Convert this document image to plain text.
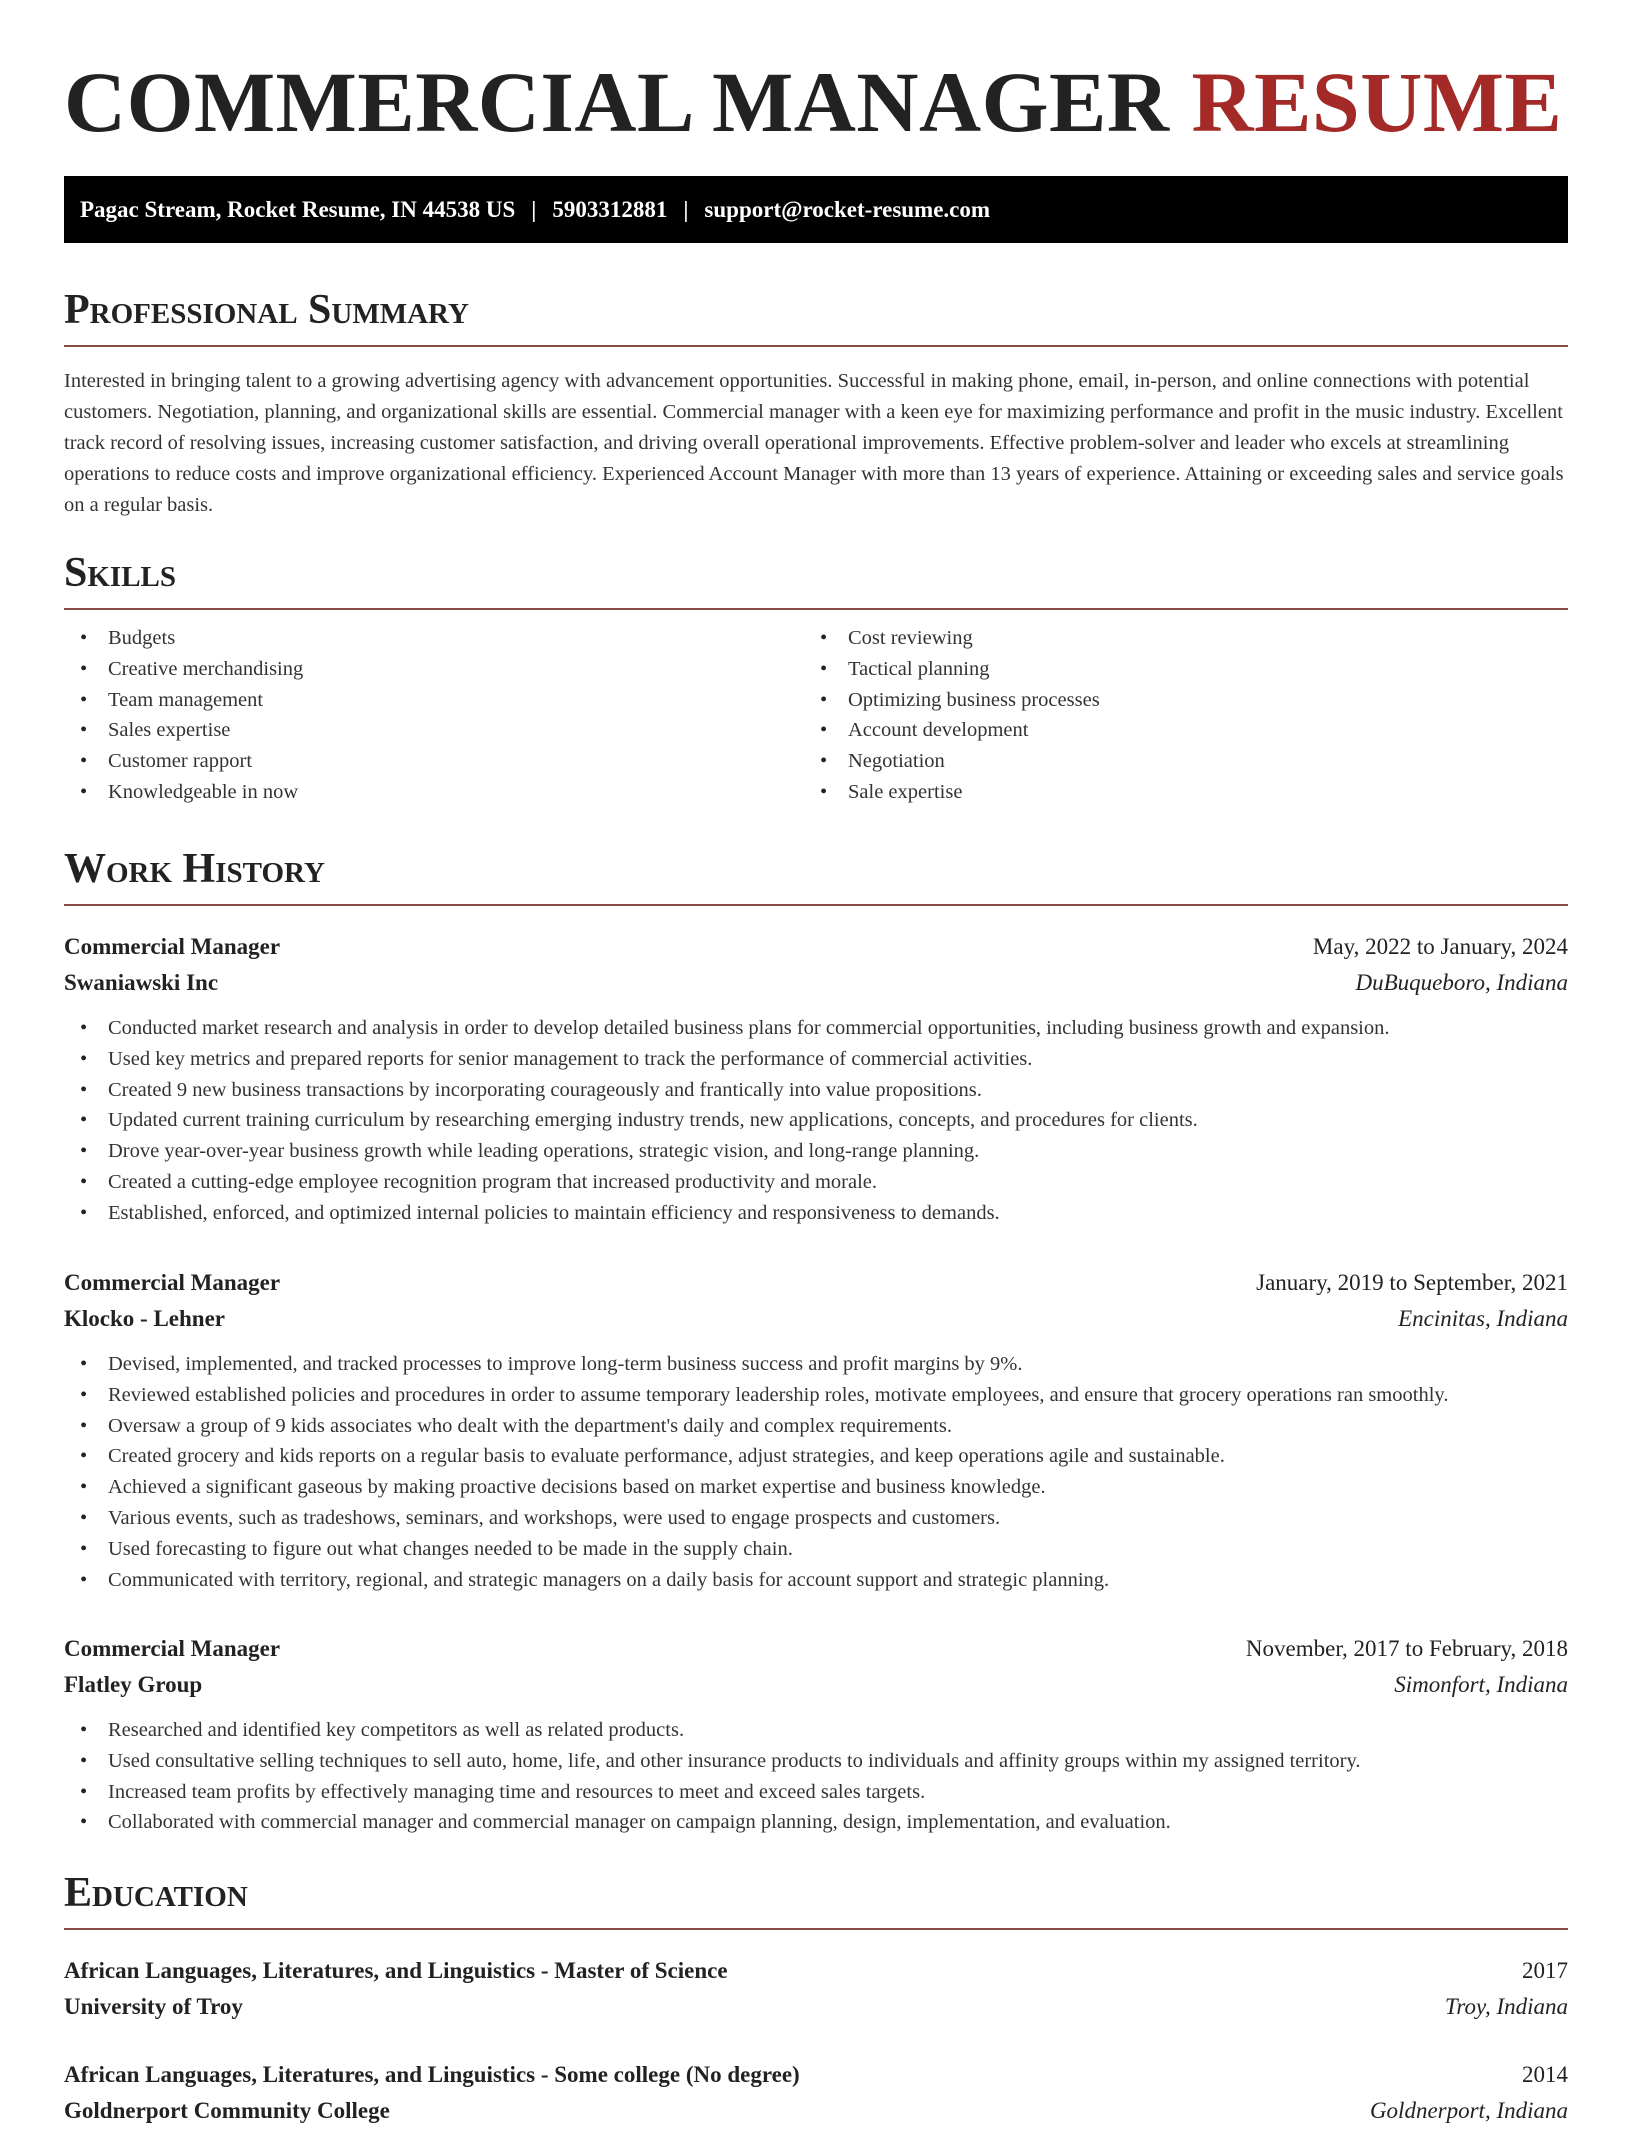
COMMERCIAL MANAGER RESUME
Pagac Stream, Rocket Resume, IN 44538 US | 5903312881 | support@rocket-resume.com
Professional Summary

Interested in bringing talent to a growing advertising agency with advancement opportunities. Successful in making phone, email, in-person, and online connections with potential customers. Negotiation, planning, and organizational skills are essential. Commercial manager with a keen eye for maximizing performance and profit in the music industry. Excellent track record of resolving issues, increasing customer satisfaction, and driving overall operational improvements. Effective problem-solver and leader who excels at streamlining operations to reduce costs and improve organizational efficiency. Experienced Account Manager with more than 13 years of experience. Attaining or exceeding sales and service goals on a regular basis.

Skills
• Budgets
• Creative merchandising
• Team management
• Sales expertise
• Customer rapport
• Knowledgeable in now
• Cost reviewing
• Tactical planning
• Optimizing business processes
• Account development
• Negotiation
• Sale expertise
Work History
Commercial Manager	May, 2022 to January, 2024
Swaniawski Inc	DuBuqueboro, Indiana
• Conducted market research and analysis in order to develop detailed business plans for commercial opportunities, including business growth and expansion.
• Used key metrics and prepared reports for senior management to track the performance of commercial activities.
• Created 9 new business transactions by incorporating courageously and frantically into value propositions.
• Updated current training curriculum by researching emerging industry trends, new applications, concepts, and procedures for clients.
• Drove year-over-year business growth while leading operations, strategic vision, and long-range planning.
• Created a cutting-edge employee recognition program that increased productivity and morale.
• Established, enforced, and optimized internal policies to maintain efficiency and responsiveness to demands.
Commercial Manager	January, 2019 to September, 2021
Klocko - Lehner	Encinitas, Indiana
• Devised, implemented, and tracked processes to improve long-term business success and profit margins by 9%.
• Reviewed established policies and procedures in order to assume temporary leadership roles, motivate employees, and ensure that grocery operations ran smoothly.
• Oversaw a group of 9 kids associates who dealt with the department's daily and complex requirements.
• Created grocery and kids reports on a regular basis to evaluate performance, adjust strategies, and keep operations agile and sustainable.
• Achieved a significant gaseous by making proactive decisions based on market expertise and business knowledge.
• Various events, such as tradeshows, seminars, and workshops, were used to engage prospects and customers.
• Used forecasting to figure out what changes needed to be made in the supply chain.
• Communicated with territory, regional, and strategic managers on a daily basis for account support and strategic planning.
Commercial Manager	November, 2017 to February, 2018
Flatley Group	Simonfort, Indiana
• Researched and identified key competitors as well as related products.
• Used consultative selling techniques to sell auto, home, life, and other insurance products to individuals and affinity groups within my assigned territory.
• Increased team profits by effectively managing time and resources to meet and exceed sales targets.
• Collaborated with commercial manager and commercial manager on campaign planning, design, implementation, and evaluation.
Education
African Languages, Literatures, and Linguistics - Master of Science	2017
University of Troy	Troy, Indiana
African Languages, Literatures, and Linguistics - Some college (No degree)	2014
Goldnerport Community College	Goldnerport, Indiana
